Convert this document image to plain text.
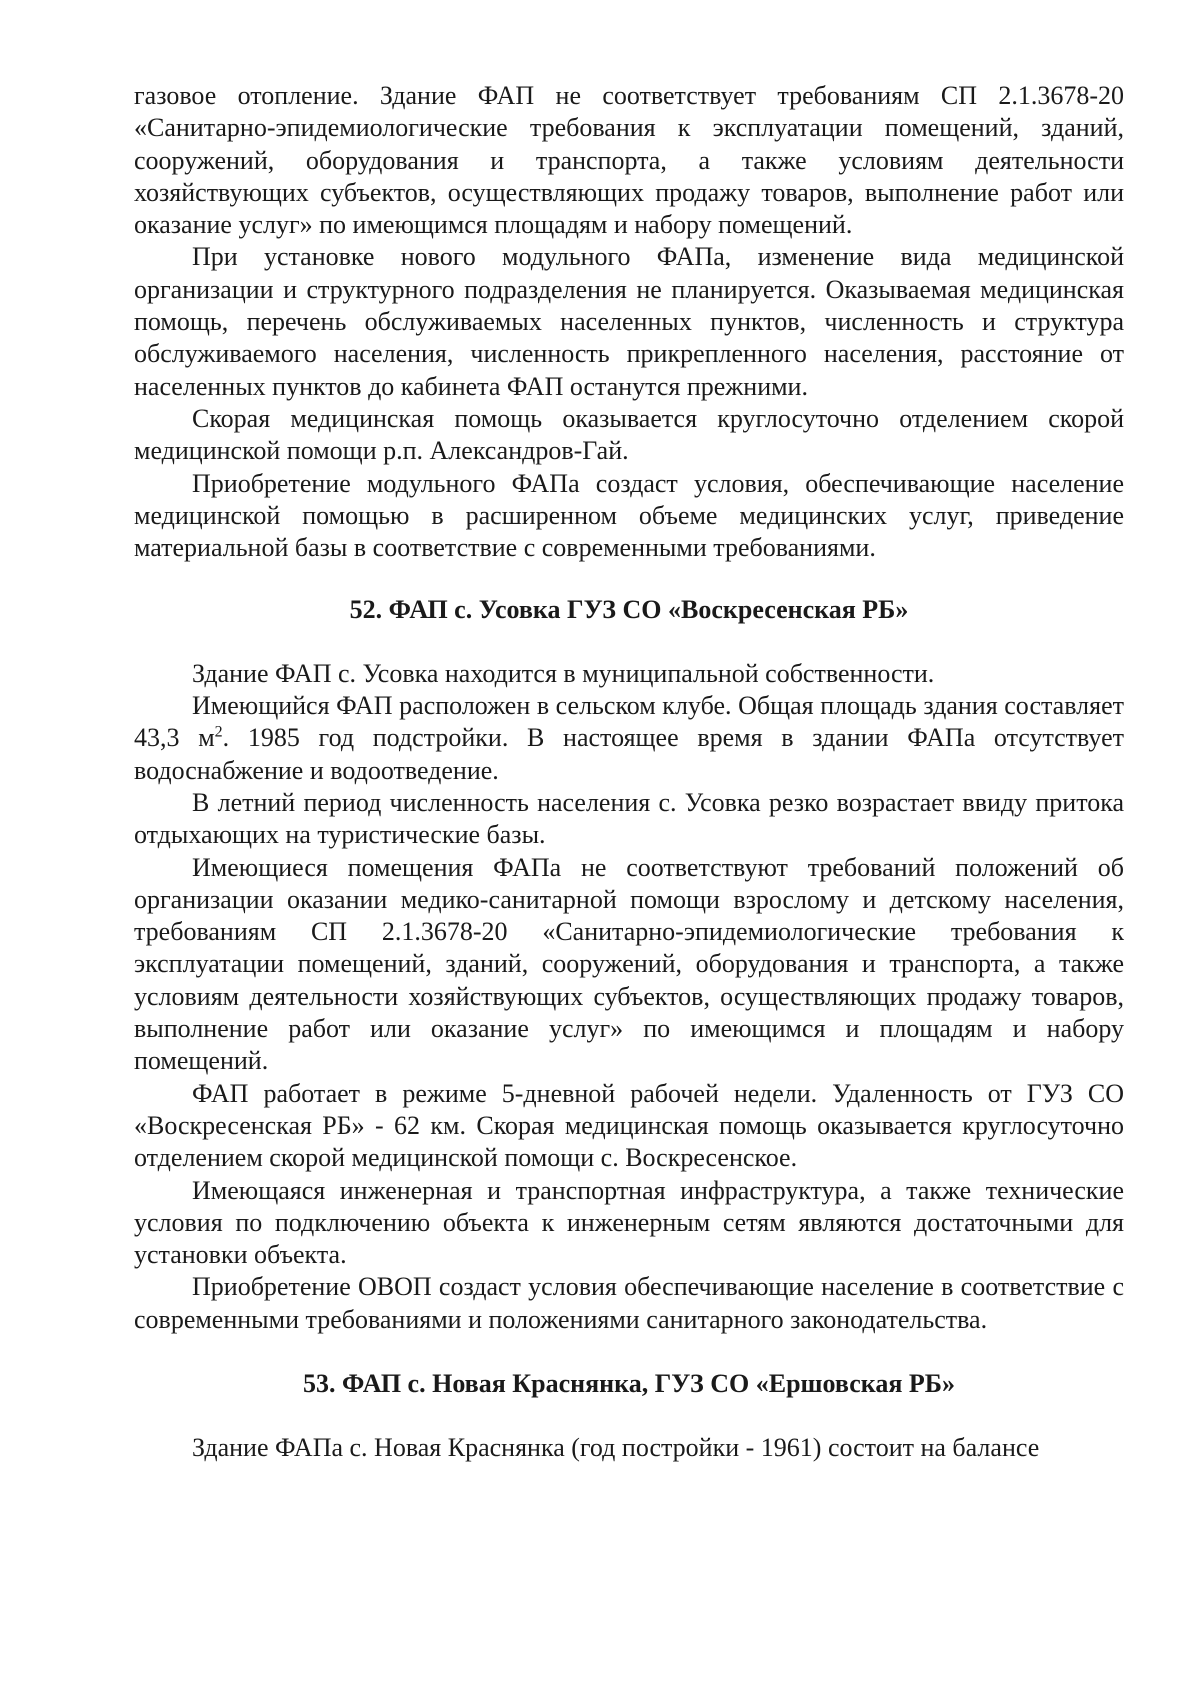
газовое отопление. Здание ФАП не соответствует требованиям СП 2.1.3678-20 «Санитарно-эпидемиологические требования к эксплуатации помещений, зданий, сооружений, оборудования и транспорта, а также условиям деятельности хозяйствующих субъектов, осуществляющих продажу товаров, выполнение работ или оказание услуг» по имеющимся площадям и набору помещений.

При установке нового модульного ФАПа, изменение вида медицинской организации и структурного подразделения не планируется. Оказываемая медицинская помощь, перечень обслуживаемых населенных пунктов, численность и структура обслуживаемого населения, численность прикрепленного населения, расстояние от населенных пунктов до кабинета ФАП останутся прежними.

Скорая медицинская помощь оказывается круглосуточно отделением скорой медицинской помощи р.п. Александров-Гай.

Приобретение модульного ФАПа создаст условия, обеспечивающие население медицинской помощью в расширенном объеме медицинских услуг, приведение материальной базы в соответствие с современными требованиями.

52. ФАП с. Усовка ГУЗ СО «Воскресенская РБ»

Здание ФАП с. Усовка находится в муниципальной собственности.

Имеющийся ФАП расположен в сельском клубе. Общая площадь здания составляет 43,3 $м^2$. 1985 год подстройки. В настоящее время в здании ФАПа отсутствует водоснабжение и водоотведение.

В летний период численность населения с. Усовка резко возрастает ввиду притока отдыхающих на туристические базы.

Имеющиеся помещения ФАПа не соответствуют требований положений об организации оказании медико-санитарной помощи взрослому и детскому населения, требованиям СП 2.1.3678-20 «Санитарно-эпидемиологические требования к эксплуатации помещений, зданий, сооружений, оборудования и транспорта, а также условиям деятельности хозяйствующих субъектов, осуществляющих продажу товаров, выполнение работ или оказание услуг» по имеющимся и площадям и набору помещений.

ФАП работает в режиме 5-дневной рабочей недели. Удаленность от ГУЗ СО «Воскресенская РБ» - 62 км. Скорая медицинская помощь оказывается круглосуточно отделением скорой медицинской помощи с. Воскресенское.

Имеющаяся инженерная и транспортная инфраструктура, а также технические условия по подключению объекта к инженерным сетям являются достаточными для установки объекта.

Приобретение ОВОП создаст условия обеспечивающие население в соответствие с современными требованиями и положениями санитарного законодательства.

53. ФАП с. Новая Краснянка, ГУЗ СО «Ершовская РБ»

Здание ФАПа с. Новая Краснянка (год постройки - 1961) состоит на балансе
